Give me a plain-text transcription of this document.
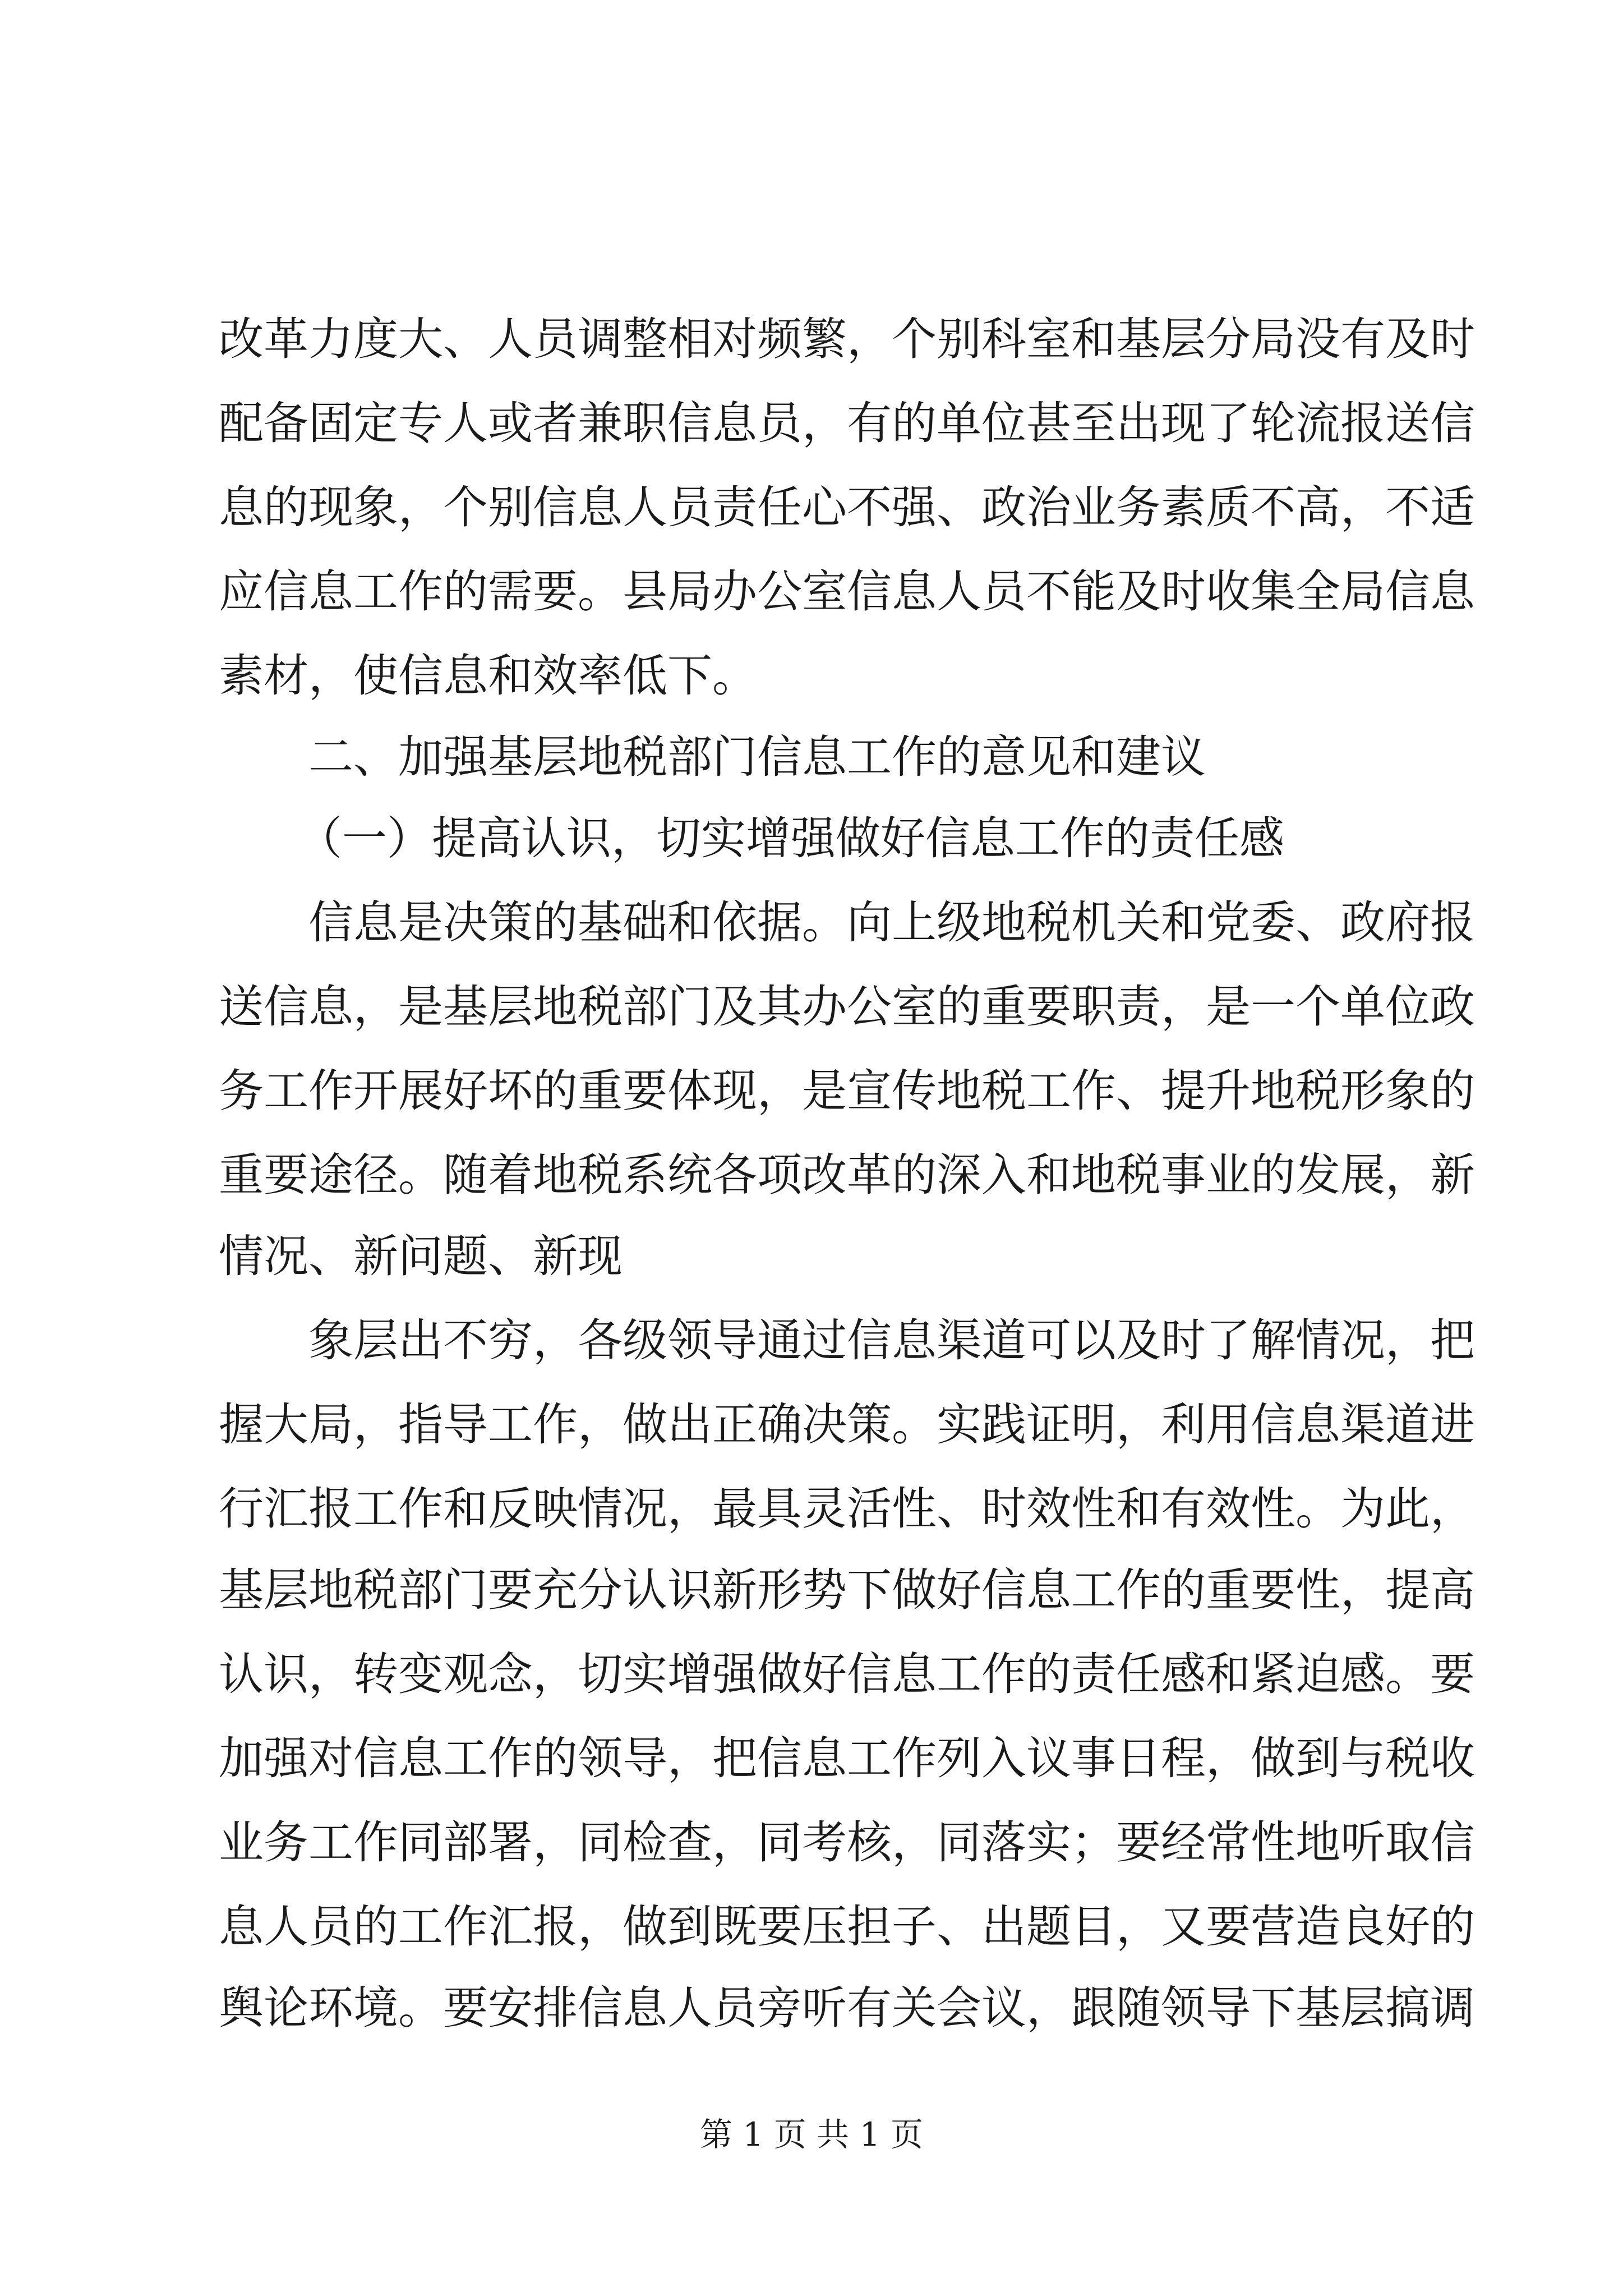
改革力度大、人员调整相对频繁，个别科室和基层分局没有及时
配备固定专人或者兼职信息员，有的单位甚至出现了轮流报送信
息的现象，个别信息人员责任心不强、政治业务素质不高，不适
应信息工作的需要。县局办公室信息人员不能及时收集全局信息
素材，使信息和效率低下。
二、加强基层地税部门信息工作的意见和建议
（一）提高认识，切实增强做好信息工作的责任感
信息是决策的基础和依据。向上级地税机关和党委、政府报
送信息，是基层地税部门及其办公室的重要职责，是一个单位政
务工作开展好坏的重要体现，是宣传地税工作、提升地税形象的
重要途径。随着地税系统各项改革的深入和地税事业的发展，新
情况、新问题、新现
象层出不穷，各级领导通过信息渠道可以及时了解情况，把
握大局，指导工作，做出正确决策。实践证明，利用信息渠道进
行汇报工作和反映情况，最具灵活性、时效性和有效性。为此，
基层地税部门要充分认识新形势下做好信息工作的重要性，提高
认识，转变观念，切实增强做好信息工作的责任感和紧迫感。要
加强对信息工作的领导，把信息工作列入议事日程，做到与税收
业务工作同部署，同检查，同考核，同落实；要经常性地听取信
息人员的工作汇报，做到既要压担子、出题目，又要营造良好的
舆论环境。要安排信息人员旁听有关会议，跟随领导下基层搞调
第 1 页 共 1 页
